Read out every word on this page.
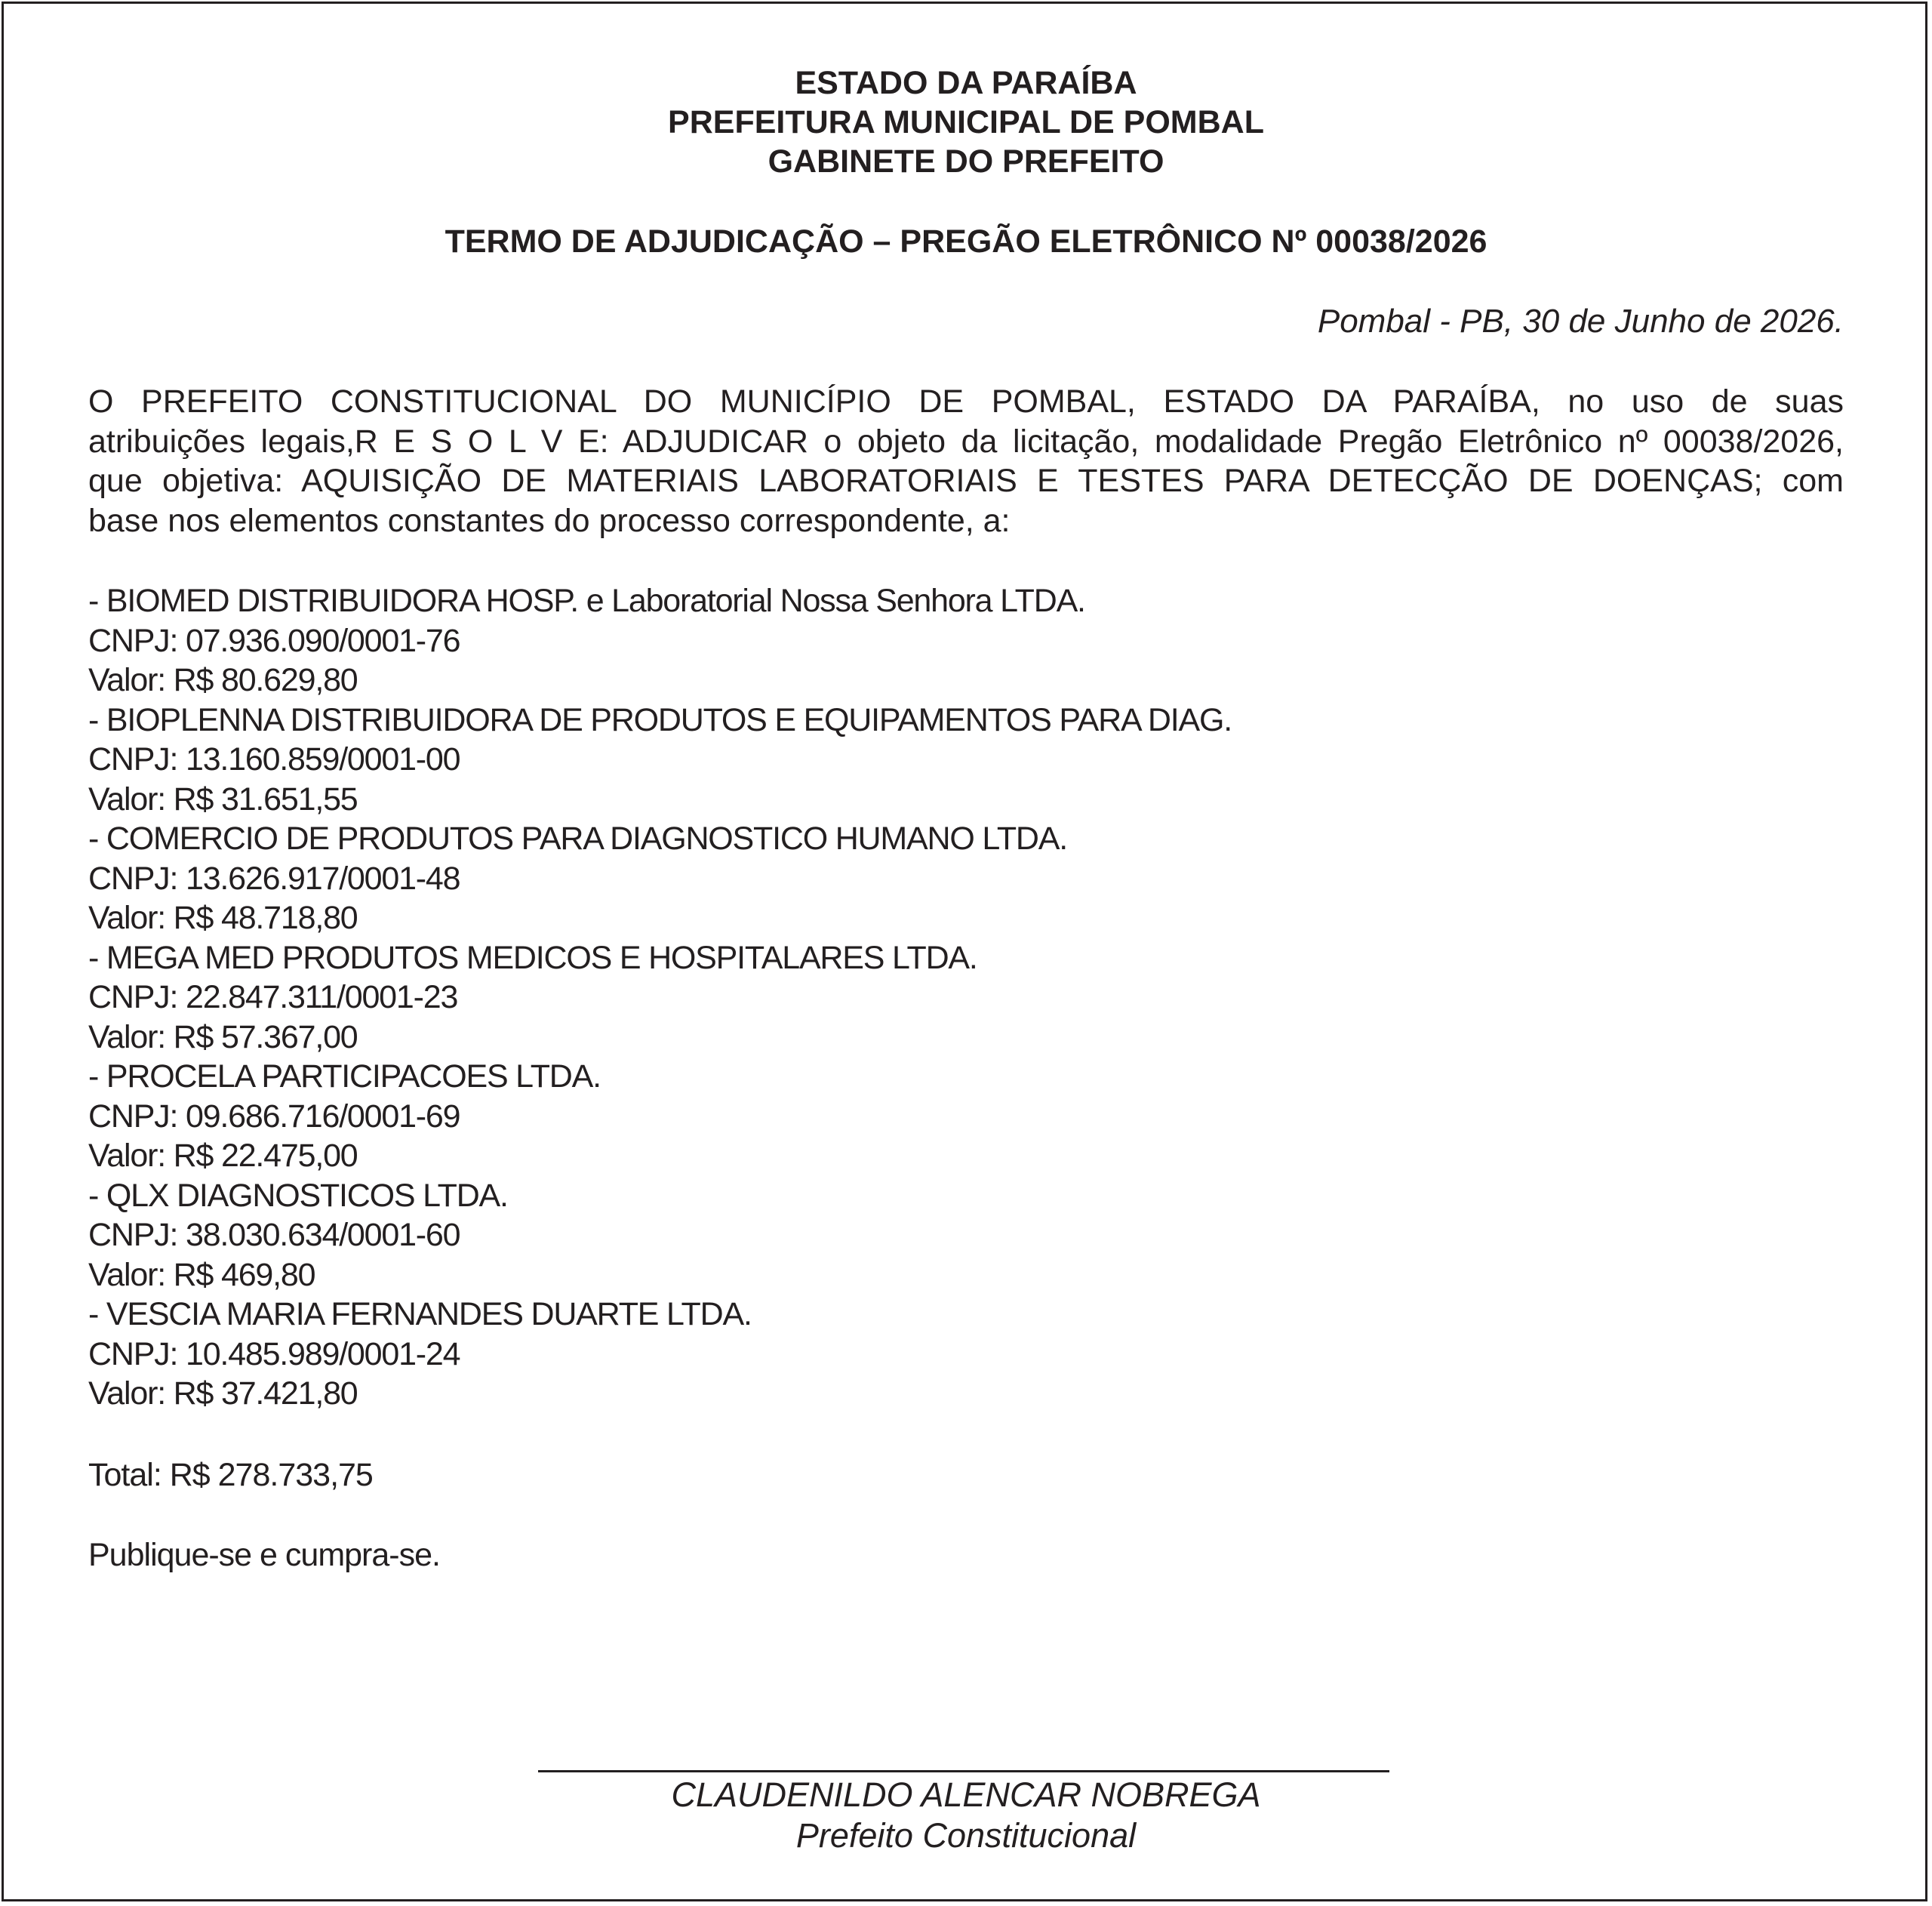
ESTADO DA PARAÍBA
PREFEITURA MUNICIPAL DE POMBAL
GABINETE DO PREFEITO
TERMO DE ADJUDICAÇÃO – PREGÃO ELETRÔNICO Nº 00038/2026
Pombal - PB, 30 de Junho de 2026.
O PREFEITO CONSTITUCIONAL DO MUNICÍPIO DE POMBAL, ESTADO DA PARAÍBA, no uso de suas
atribuições legais,R E S O L V E: ADJUDICAR o objeto da licitação, modalidade Pregão Eletrônico nº 00038/2026,
que objetiva: AQUISIÇÃO DE MATERIAIS LABORATORIAIS E TESTES PARA DETECÇÃO DE DOENÇAS; com
base nos elementos constantes do processo correspondente, a:
- BIOMED DISTRIBUIDORA HOSP. e Laboratorial Nossa Senhora LTDA.
CNPJ: 07.936.090/0001-76
Valor: R$ 80.629,80
- BIOPLENNA DISTRIBUIDORA DE PRODUTOS E EQUIPAMENTOS PARA DIAG.
CNPJ: 13.160.859/0001-00
Valor: R$ 31.651,55
- COMERCIO DE PRODUTOS PARA DIAGNOSTICO HUMANO LTDA.
CNPJ: 13.626.917/0001-48
Valor: R$ 48.718,80
- MEGA MED PRODUTOS MEDICOS E HOSPITALARES LTDA.
CNPJ: 22.847.311/0001-23
Valor: R$ 57.367,00
- PROCELA PARTICIPACOES LTDA.
CNPJ: 09.686.716/0001-69
Valor: R$ 22.475,00
- QLX DIAGNOSTICOS LTDA.
CNPJ: 38.030.634/0001-60
Valor: R$ 469,80
- VESCIA MARIA FERNANDES DUARTE LTDA.
CNPJ: 10.485.989/0001-24
Valor: R$ 37.421,80
Total: R$ 278.733,75
Publique-se e cumpra-se.
CLAUDENILDO ALENCAR NOBREGA
Prefeito Constitucional
